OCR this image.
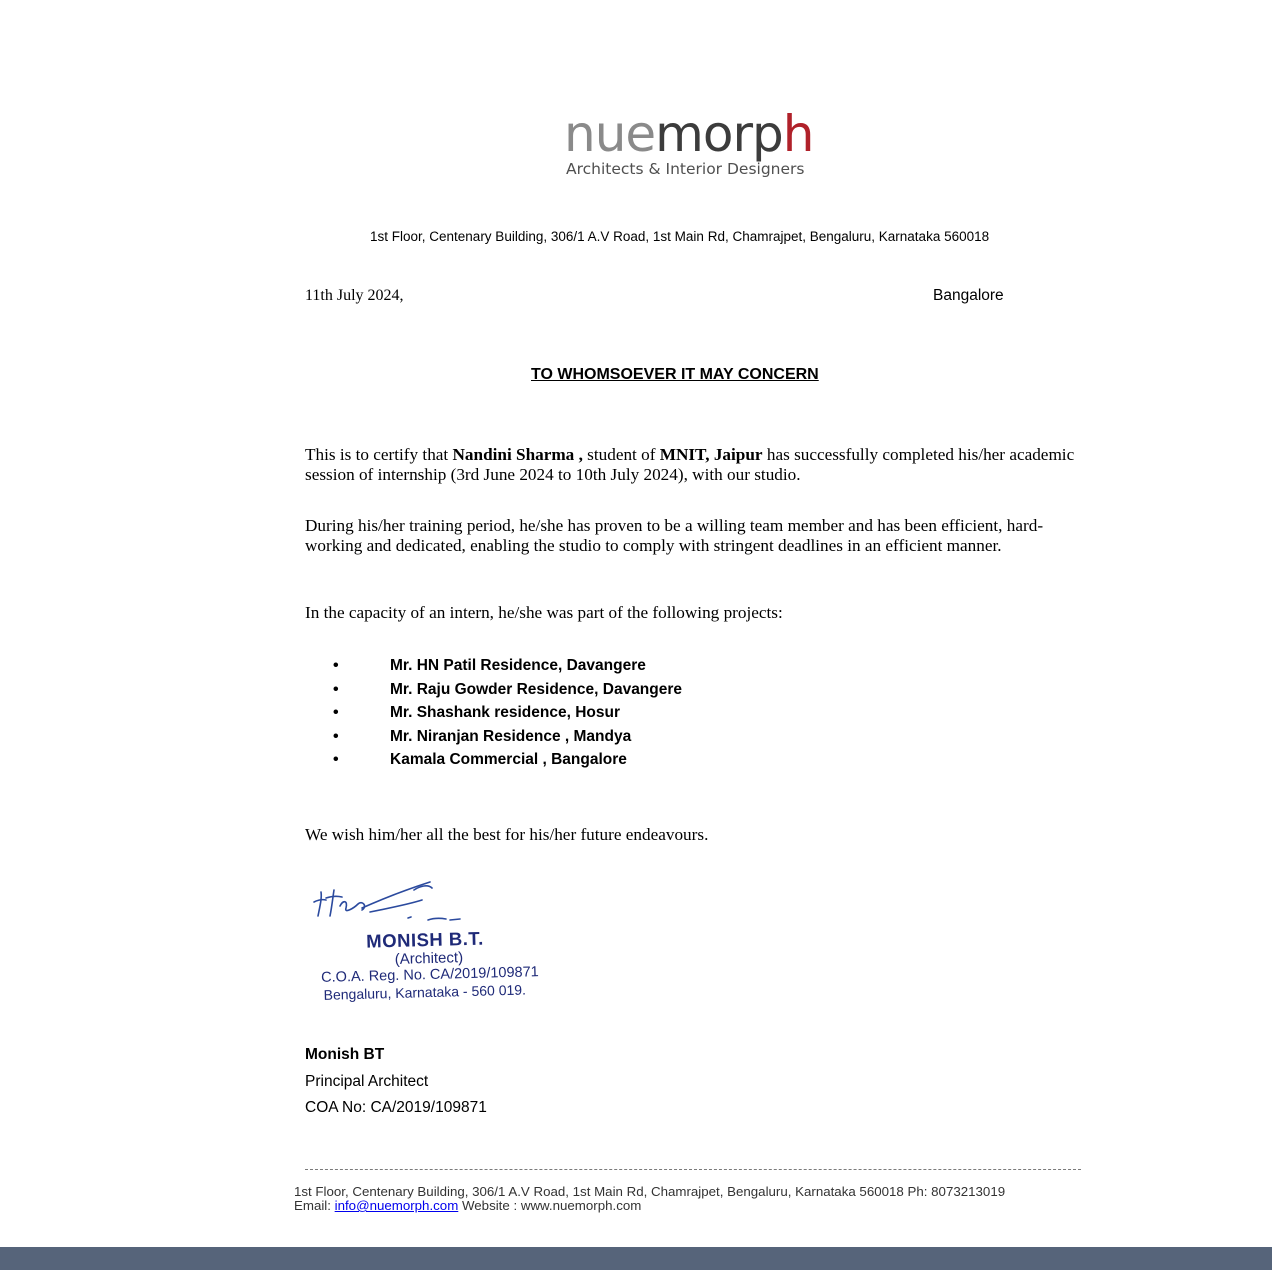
nuemorph
Architects & Interior Designers
1st Floor, Centenary Building, 306/1 A.V Road, 1st Main Rd, Chamrajpet, Bengaluru, Karnataka 560018
11th July 2024,	Bangalore
TO WHOMSOEVER IT MAY CONCERN
This is to certify that Nandini Sharma , student of MNIT, Jaipur has successfully completed his/her academic session of internship (3rd June 2024 to 10th July 2024), with our studio.
During his/her training period, he/she has proven to be a willing team member and has been efficient, hard-working and dedicated, enabling the studio to comply with stringent deadlines in an efficient manner.
In the capacity of an intern, he/she was part of the following projects:
• Mr. HN Patil Residence, Davangere
• Mr. Raju Gowder Residence, Davangere
• Mr. Shashank residence, Hosur
• Mr. Niranjan Residence , Mandya
• Kamala Commercial , Bangalore
We wish him/her all the best for his/her future endeavours.
MONISH B.T.
(Architect)
C.O.A. Reg. No. CA/2019/109871
Bengaluru, Karnataka - 560 019.
Monish BT
Principal Architect
COA No: CA/2019/109871
1st Floor, Centenary Building, 306/1 A.V Road, 1st Main Rd, Chamrajpet, Bengaluru, Karnataka 560018 Ph: 8073213019
Email: info@nuemorph.com Website : www.nuemorph.com
